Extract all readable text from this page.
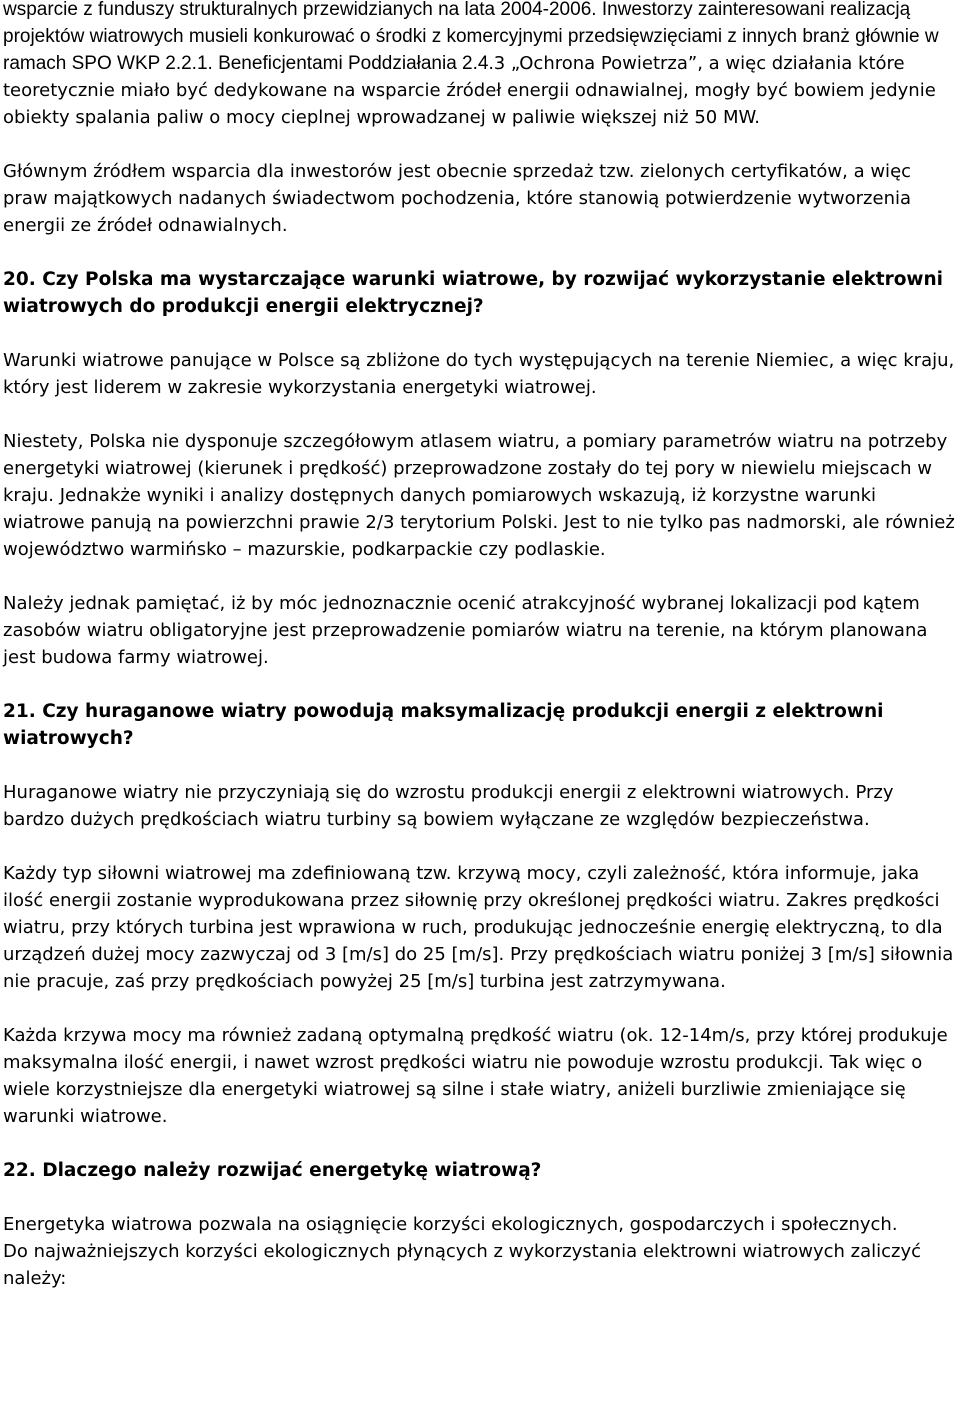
wsparcie z funduszy strukturalnych przewidzianych na lata 2004-2006. Inwestorzy zainteresowani realizacją projektów wiatrowych musieli konkurować o środki z komercyjnymi przedsięwzięciami z innych branż głównie w ramach SPO WKP 2.2.1. Beneficjentami Poddziałania 2.4.3 „Ochrona Powietrza”, a więc działania które teoretycznie miało być dedykowane na wsparcie źródeł energii odnawialnej, mogły być bowiem jedynie obiekty spalania paliw o mocy cieplnej wprowadzanej w paliwie większej niż 50 MW.

Głównym źródłem wsparcia dla inwestorów jest obecnie sprzedaż tzw. zielonych certyfikatów, a więc praw majątkowych nadanych świadectwom pochodzenia, które stanowią potwierdzenie wytworzenia energii ze źródeł odnawialnych.

20. Czy Polska ma wystarczające warunki wiatrowe, by rozwijać wykorzystanie elektrowni wiatrowych do produkcji energii elektrycznej?

Warunki wiatrowe panujące w Polsce są zbliżone do tych występujących na terenie Niemiec, a więc kraju, który jest liderem w zakresie wykorzystania energetyki wiatrowej.

Niestety, Polska nie dysponuje szczegółowym atlasem wiatru, a pomiary parametrów wiatru na potrzeby energetyki wiatrowej (kierunek i prędkość) przeprowadzone zostały do tej pory w niewielu miejscach w kraju. Jednakże wyniki i analizy dostępnych danych pomiarowych wskazują, iż korzystne warunki wiatrowe panują na powierzchni prawie 2/3 terytorium Polski. Jest to nie tylko pas nadmorski, ale również województwo warmińsko – mazurskie, podkarpackie czy podlaskie.

Należy jednak pamiętać, iż by móc jednoznacznie ocenić atrakcyjność wybranej lokalizacji pod kątem zasobów wiatru obligatoryjne jest przeprowadzenie pomiarów wiatru na terenie, na którym planowana jest budowa farmy wiatrowej.

21. Czy huraganowe wiatry powodują maksymalizację produkcji energii z elektrowni wiatrowych?

Huraganowe wiatry nie przyczyniają się do wzrostu produkcji energii z elektrowni wiatrowych. Przy bardzo dużych prędkościach wiatru turbiny są bowiem wyłączane ze względów bezpieczeństwa.

Każdy typ siłowni wiatrowej ma zdefiniowaną tzw. krzywą mocy, czyli zależność, która informuje, jaka ilość energii zostanie wyprodukowana przez siłownię przy określonej prędkości wiatru. Zakres prędkości wiatru, przy których turbina jest wprawiona w ruch, produkując jednocześnie energię elektryczną, to dla urządzeń dużej mocy zazwyczaj od 3 [m/s] do 25 [m/s]. Przy prędkościach wiatru poniżej 3 [m/s] siłownia nie pracuje, zaś przy prędkościach powyżej 25 [m/s] turbina jest zatrzymywana.

Każda krzywa mocy ma również zadaną optymalną prędkość wiatru (ok. 12-14m/s, przy której produkuje maksymalna ilość energii, i nawet wzrost prędkości wiatru nie powoduje wzrostu produkcji. Tak więc o wiele korzystniejsze dla energetyki wiatrowej są silne i stałe wiatry, aniżeli burzliwie zmieniające się warunki wiatrowe.

22. Dlaczego należy rozwijać energetykę wiatrową?

Energetyka wiatrowa pozwala na osiągnięcie korzyści ekologicznych, gospodarczych i społecznych.

Do najważniejszych korzyści ekologicznych płynących z wykorzystania elektrowni wiatrowych zaliczyć należy:
